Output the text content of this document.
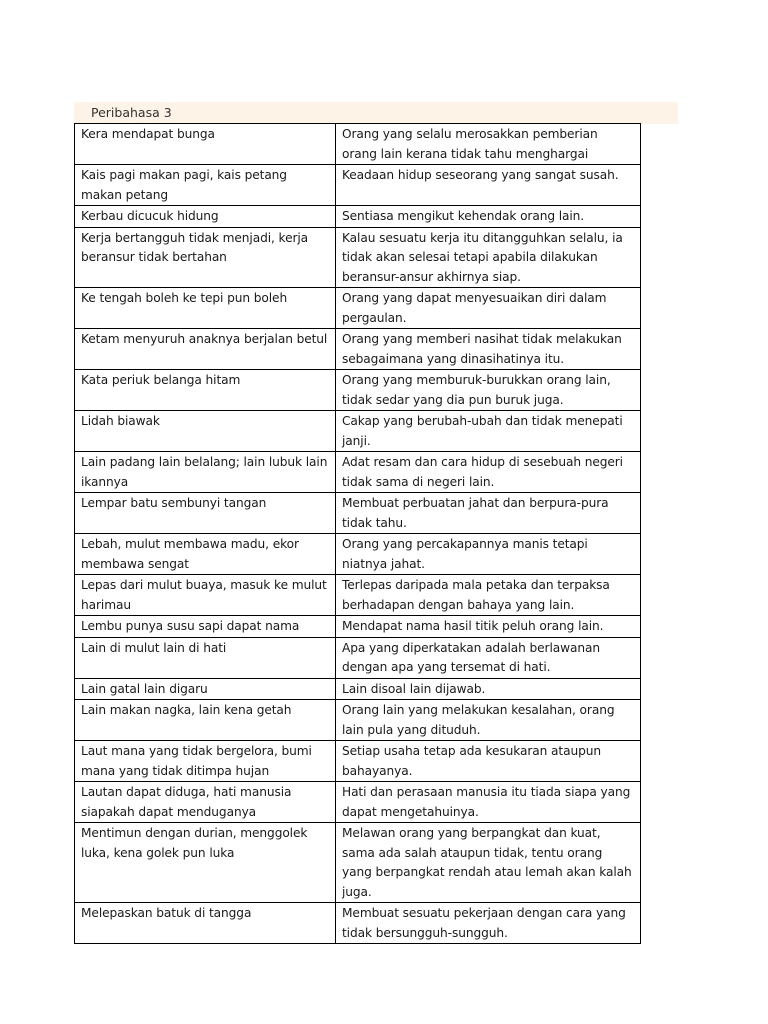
Peribahasa 3
Kera mendapat bunga	Orang yang selalu merosakkan pemberian orang lain kerana tidak tahu menghargai
Kais pagi makan pagi, kais petang makan petang	Keadaan hidup seseorang yang sangat susah.
Kerbau dicucuk hidung	Sentiasa mengikut kehendak orang lain.
Kerja bertangguh tidak menjadi, kerja beransur tidak bertahan	Kalau sesuatu kerja itu ditangguhkan selalu, ia tidak akan selesai tetapi apabila dilakukan beransur-ansur akhirnya siap.
Ke tengah boleh ke tepi pun boleh	Orang yang dapat menyesuaikan diri dalam pergaulan.
Ketam menyuruh anaknya berjalan betul	Orang yang memberi nasihat tidak melakukan sebagaimana yang dinasihatinya itu.
Kata periuk belanga hitam	Orang yang memburuk-burukkan orang lain, tidak sedar yang dia pun buruk juga.
Lidah biawak	Cakap yang berubah-ubah dan tidak menepati janji.
Lain padang lain belalang; lain lubuk lain ikannya	Adat resam dan cara hidup di sesebuah negeri tidak sama di negeri lain.
Lempar batu sembunyi tangan	Membuat perbuatan jahat dan berpura-pura tidak tahu.
Lebah, mulut membawa madu, ekor membawa sengat	Orang yang percakapannya manis tetapi niatnya jahat.
Lepas dari mulut buaya, masuk ke mulut harimau	Terlepas daripada mala petaka dan terpaksa berhadapan dengan bahaya yang lain.
Lembu punya susu sapi dapat nama	Mendapat nama hasil titik peluh orang lain.
Lain di mulut lain di hati	Apa yang diperkatakan adalah berlawanan dengan apa yang tersemat di hati.
Lain gatal lain digaru	Lain disoal lain dijawab.
Lain makan nagka, lain kena getah	Orang lain yang melakukan kesalahan, orang lain pula yang dituduh.
Laut mana yang tidak bergelora, bumi mana yang tidak ditimpa hujan	Setiap usaha tetap ada kesukaran ataupun bahayanya.
Lautan dapat diduga, hati manusia siapakah dapat menduganya	Hati dan perasaan manusia itu tiada siapa yang dapat mengetahuinya.
Mentimun dengan durian, menggolek luka, kena golek pun luka	Melawan orang yang berpangkat dan kuat, sama ada salah ataupun tidak, tentu orang yang berpangkat rendah atau lemah akan kalah juga.
Melepaskan batuk di tangga	Membuat sesuatu pekerjaan dengan cara yang tidak bersungguh-sungguh.
